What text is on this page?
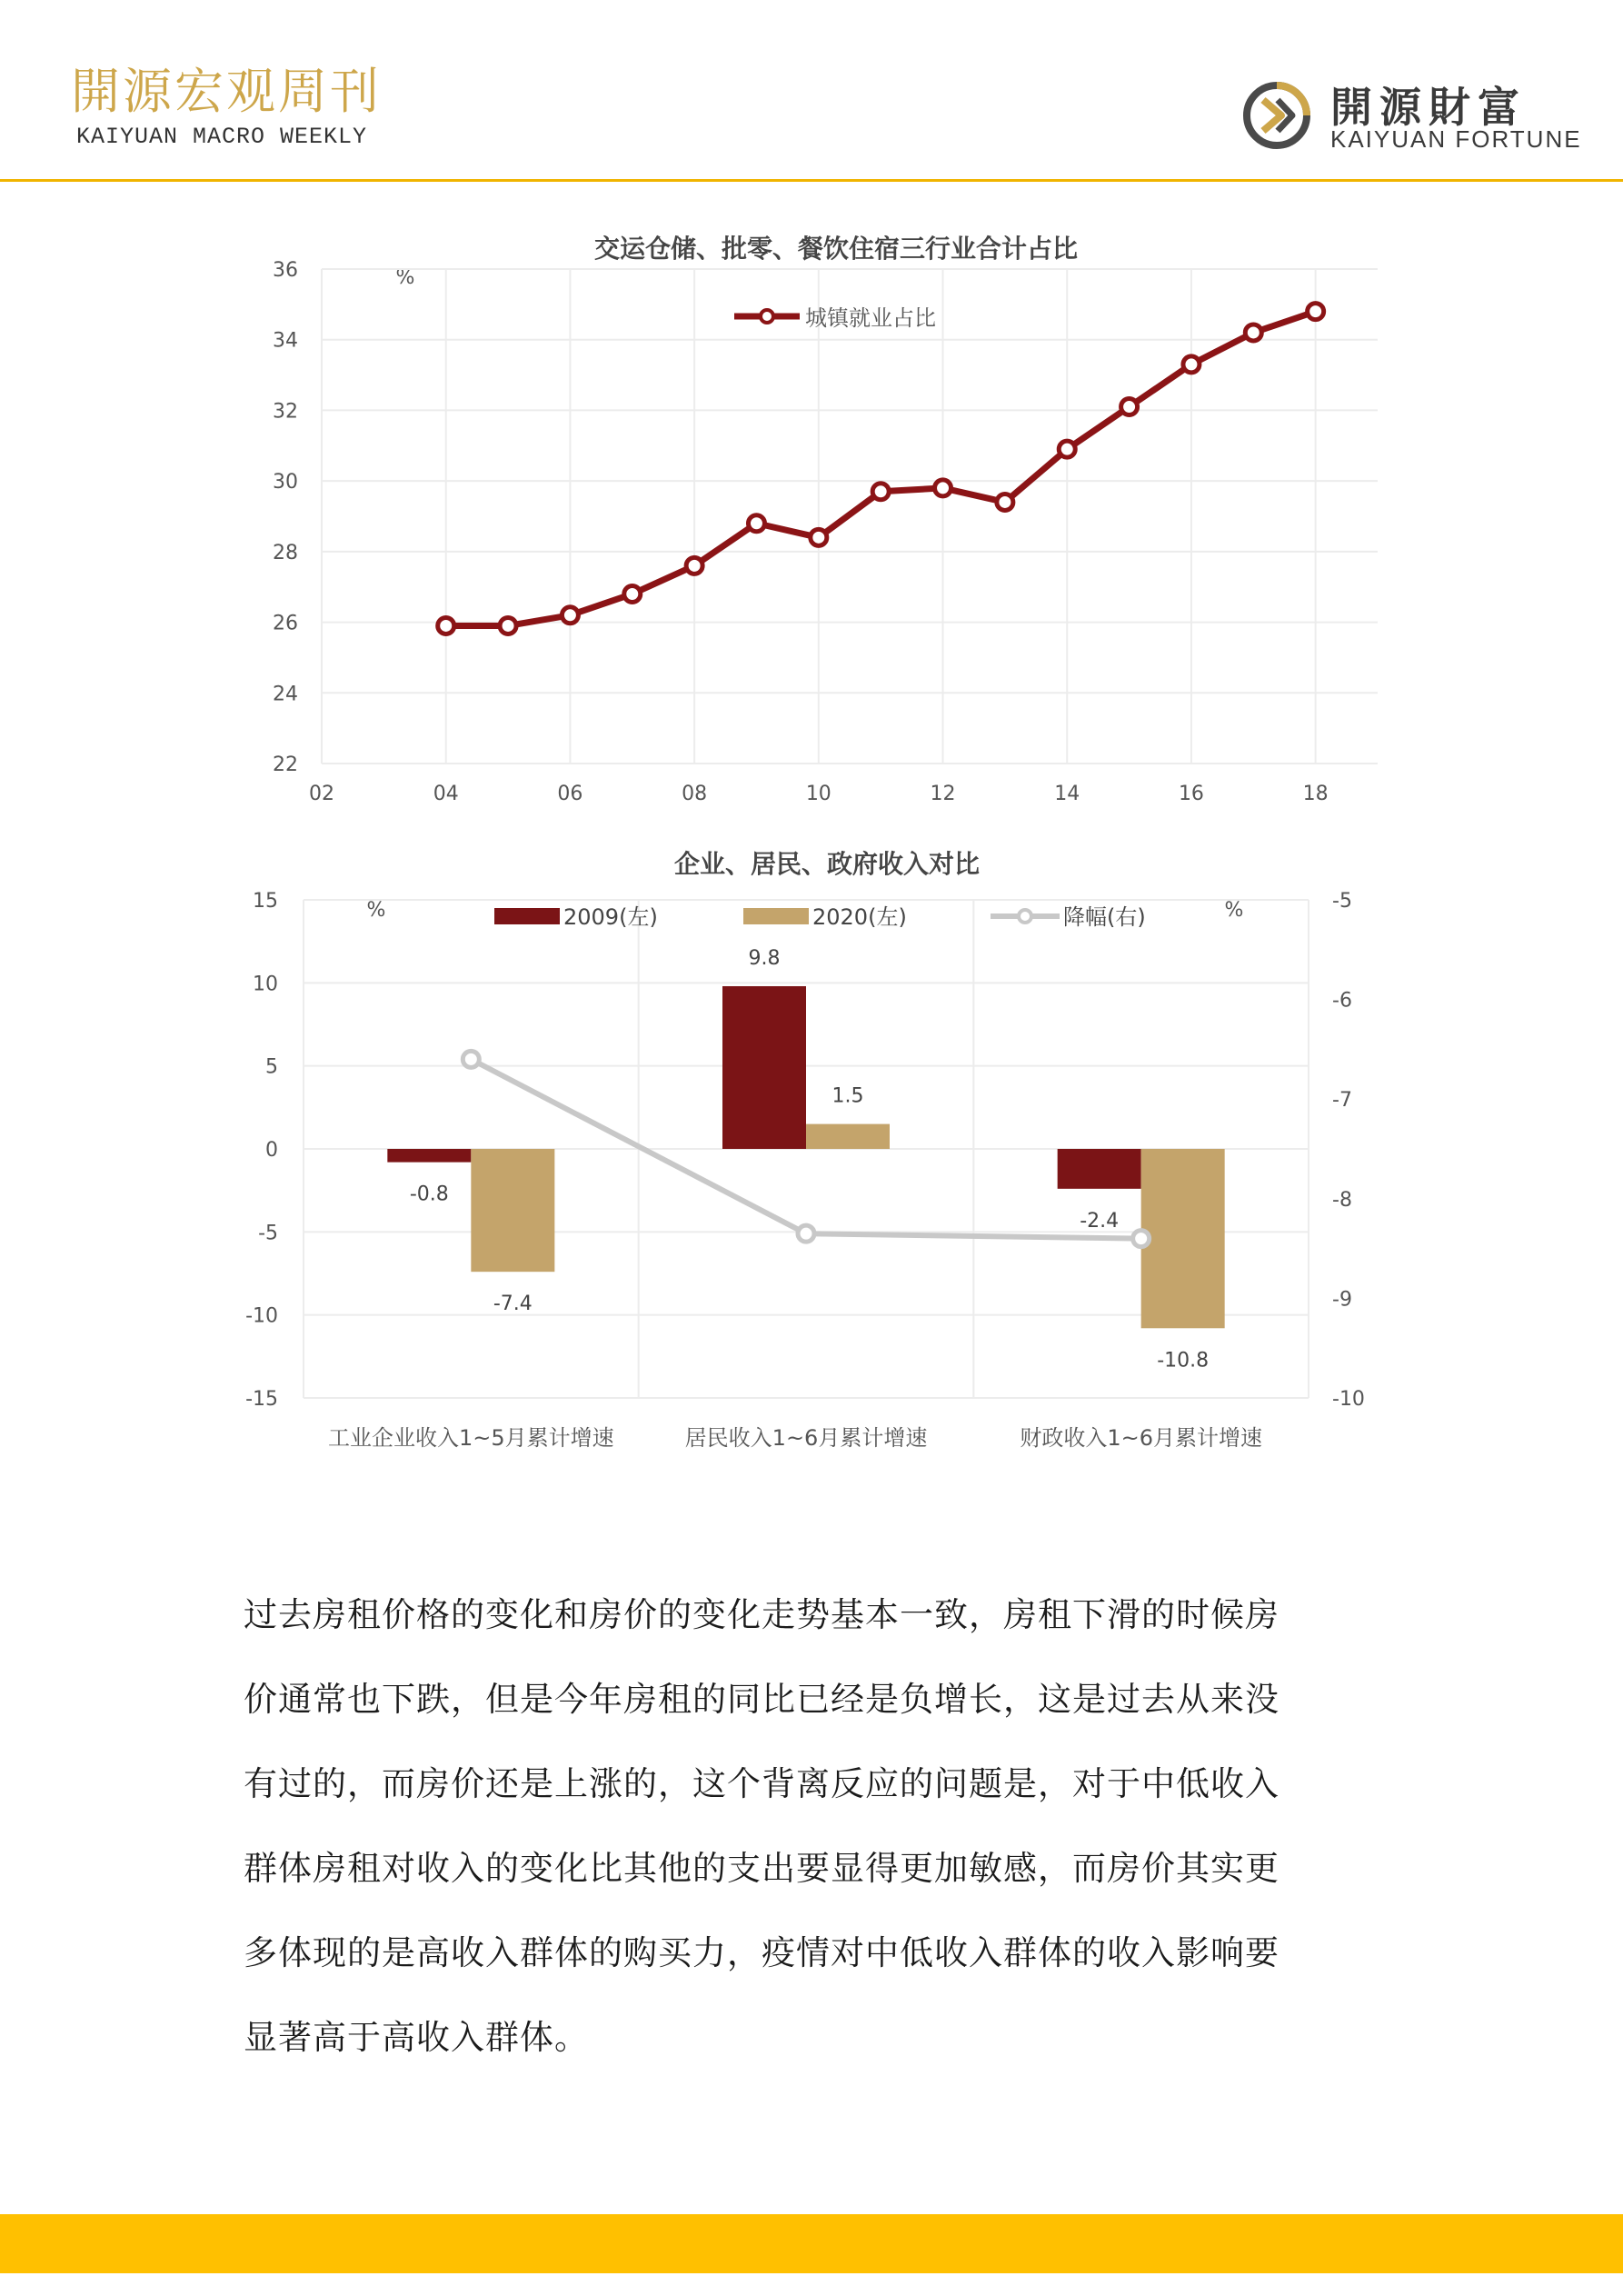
開源宏观周刊
KAIYUAN MACRO WEEKLY
開源財富
KAIYUAN FORTUNE
交运仓储、批零、餐饮住宿三行业合计占比
%
22
24
26
28
30
32
34
36
02	04	06	08	10	12	14	16	18
城镇就业占比
企业、居民、政府收入对比
%	%
15
10
5
0
-5
-10
-15
-5
-6
-7
-8
-9
-10
2009(左)	2020(左)	降幅(右)
-0.8
-7.4
9.8
1.5
-2.4
-10.8
工业企业收入1~5月累计增速	居民收入1~6月累计增速	财政收入1~6月累计增速
过去房租价格的变化和房价的变化走势基本一致，房租下滑的时候房
价通常也下跌，但是今年房租的同比已经是负增长，这是过去从来没
有过的，而房价还是上涨的，这个背离反应的问题是，对于中低收入
群体房租对收入的变化比其他的支出要显得更加敏感，而房价其实更
多体现的是高收入群体的购买力，疫情对中低收入群体的收入影响要
显著高于高收入群体。
